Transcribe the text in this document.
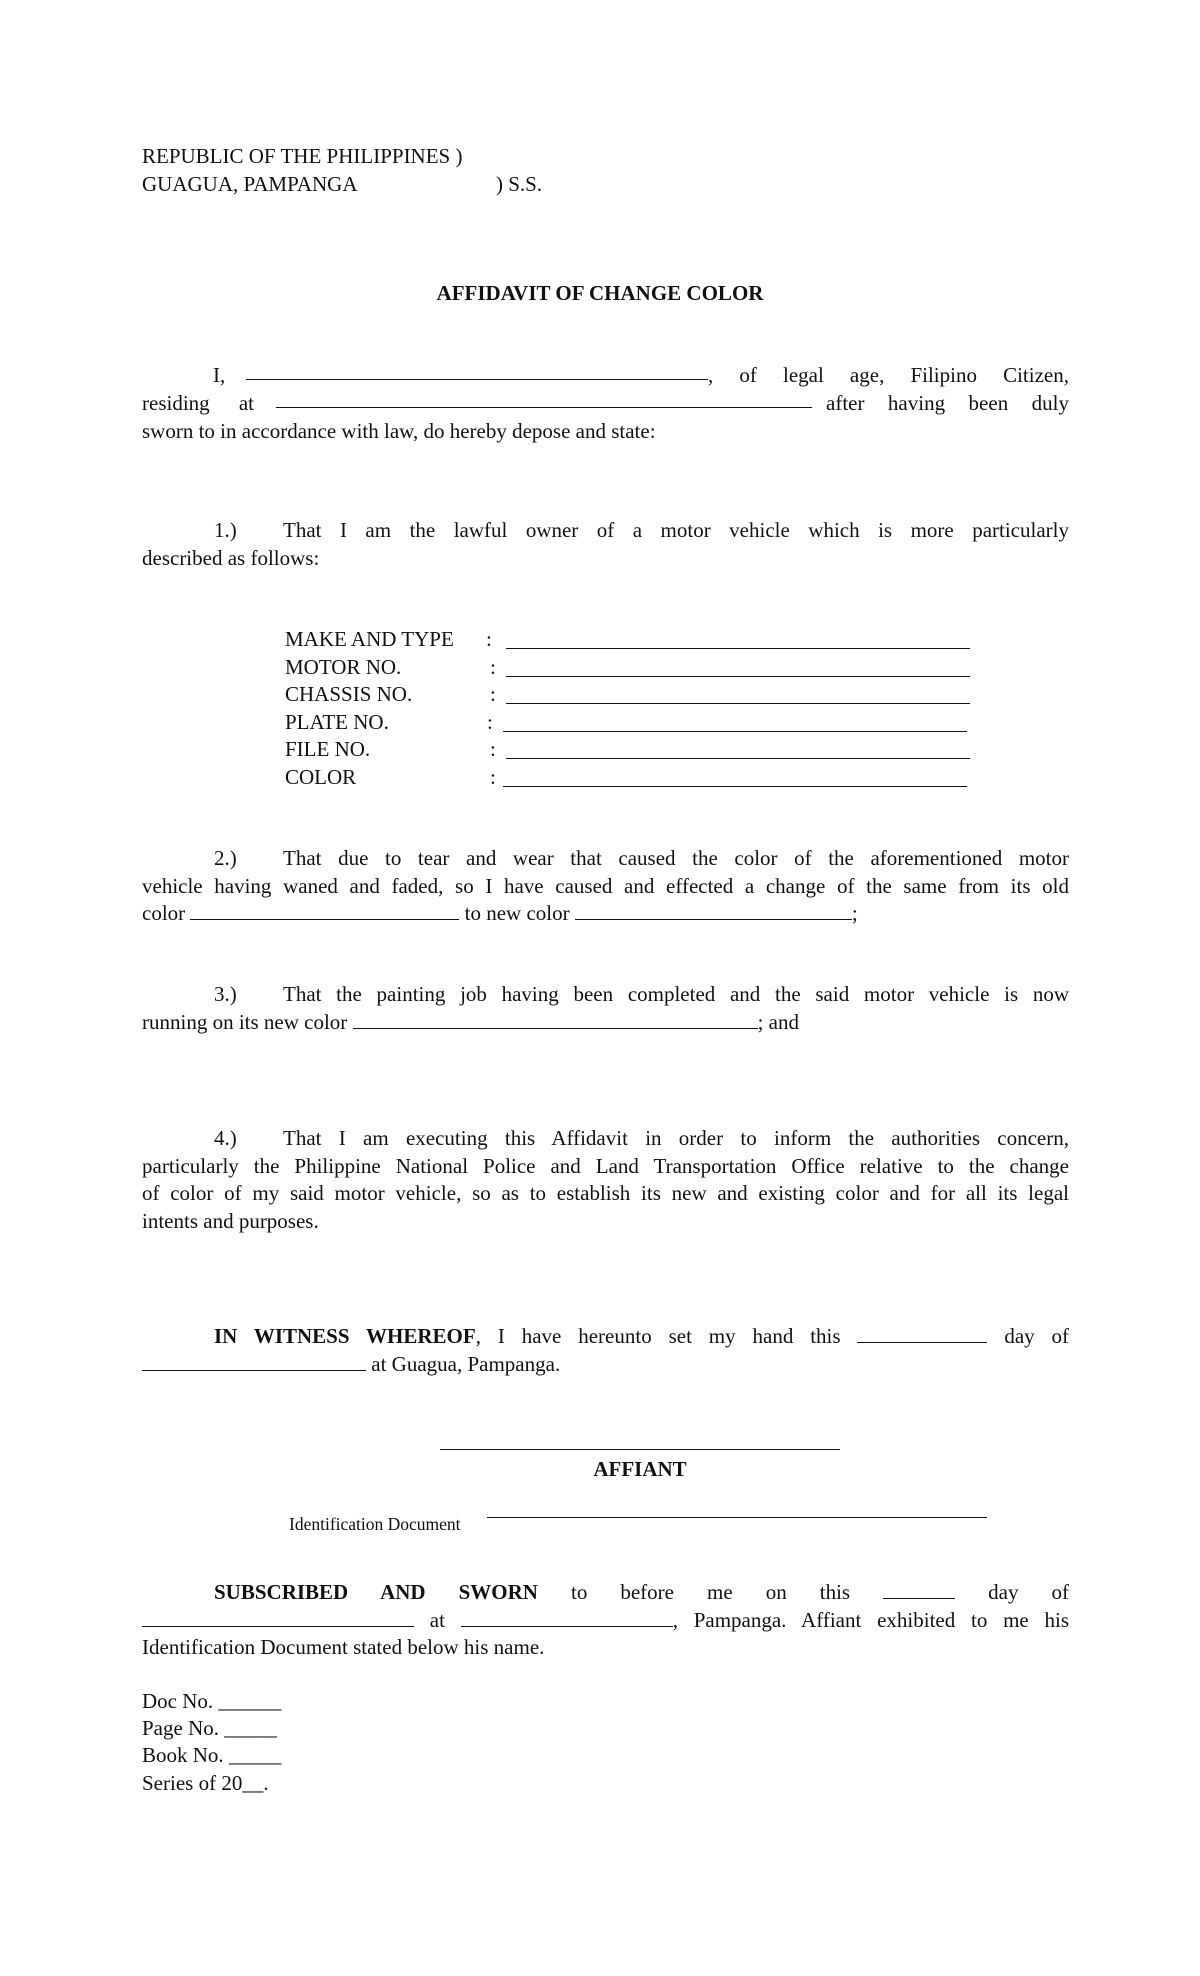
REPUBLIC OF THE PHILIPPINES )
GUAGUA, PAMPANGA	) S.S.
AFFIDAVIT OF CHANGE COLOR
I,	, of legal age, Filipino Citizen,
residing at	after having been duly
sworn to in accordance with law, do hereby depose and state:
1.) That I am the lawful owner of a motor vehicle which is more particularly
described as follows:
MAKE AND TYPE :
MOTOR NO.	:
CHASSIS NO.	:
PLATE NO.	:
FILE NO.	:
COLOR	:
2.) That due to tear and wear that caused the color of the aforementioned motor
vehicle having waned and faded, so I have caused and effected a change of the same from its old
color	to new color	;
3.) That the painting job having been completed and the said motor vehicle is now
running on its new color	; and
4.) That I am executing this Affidavit in order to inform the authorities concern,
particularly the Philippine National Police and Land Transportation Office relative to the change
of color of my said motor vehicle, so as to establish its new and existing color and for all its legal
intents and purposes.
IN WITNESS WHEREOF, I have hereunto set my hand this	day of
at Guagua, Pampanga.
AFFIANT
Identification Document
SUBSCRIBED AND SWORN to before me on this	day of
at	, Pampanga. Affiant exhibited to me his
Identification Document stated below his name.
Doc No. ______
Page No. _____
Book No. _____
Series of 20__.
